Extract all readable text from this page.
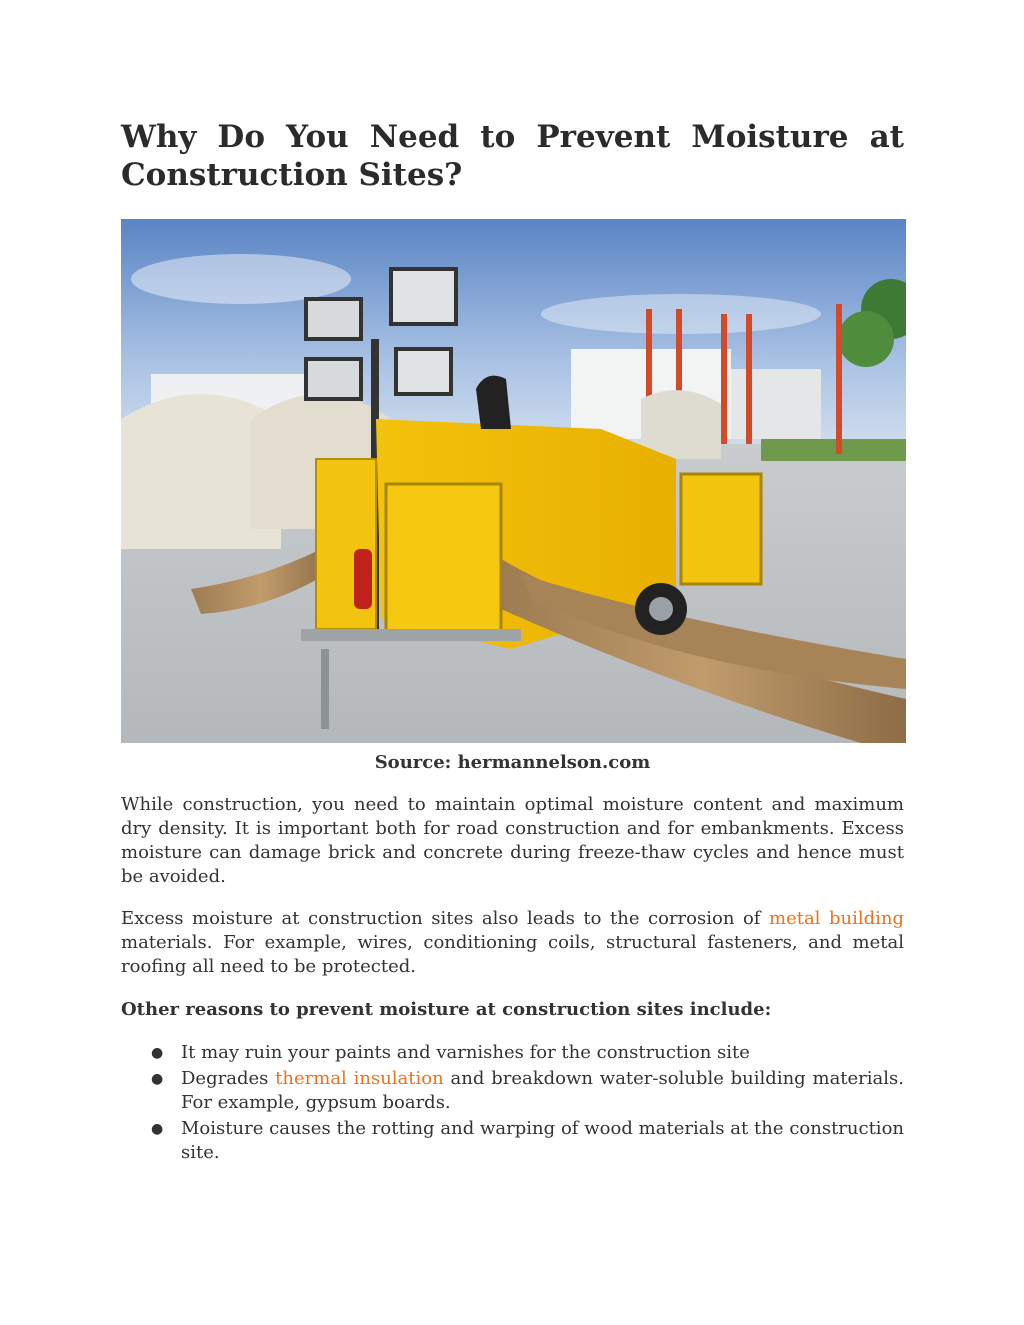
Why Do You Need to Prevent Moisture at Construction Sites?
Source: hermannelson.com

While construction, you need to maintain optimal moisture content and maximum dry density. It is important both for road construction and for embankments. Excess moisture can damage brick and concrete during freeze-thaw cycles and hence must be avoided.

Excess moisture at construction sites also leads to the corrosion of metal building materials. For example, wires, conditioning coils, structural fasteners, and metal roofing all need to be protected.

Other reasons to prevent moisture at construction sites include:
● It may ruin your paints and varnishes for the construction site
● Degrades thermal insulation and breakdown water-soluble building materials. For example, gypsum boards.
● Moisture causes the rotting and warping of wood materials at the construction site.
